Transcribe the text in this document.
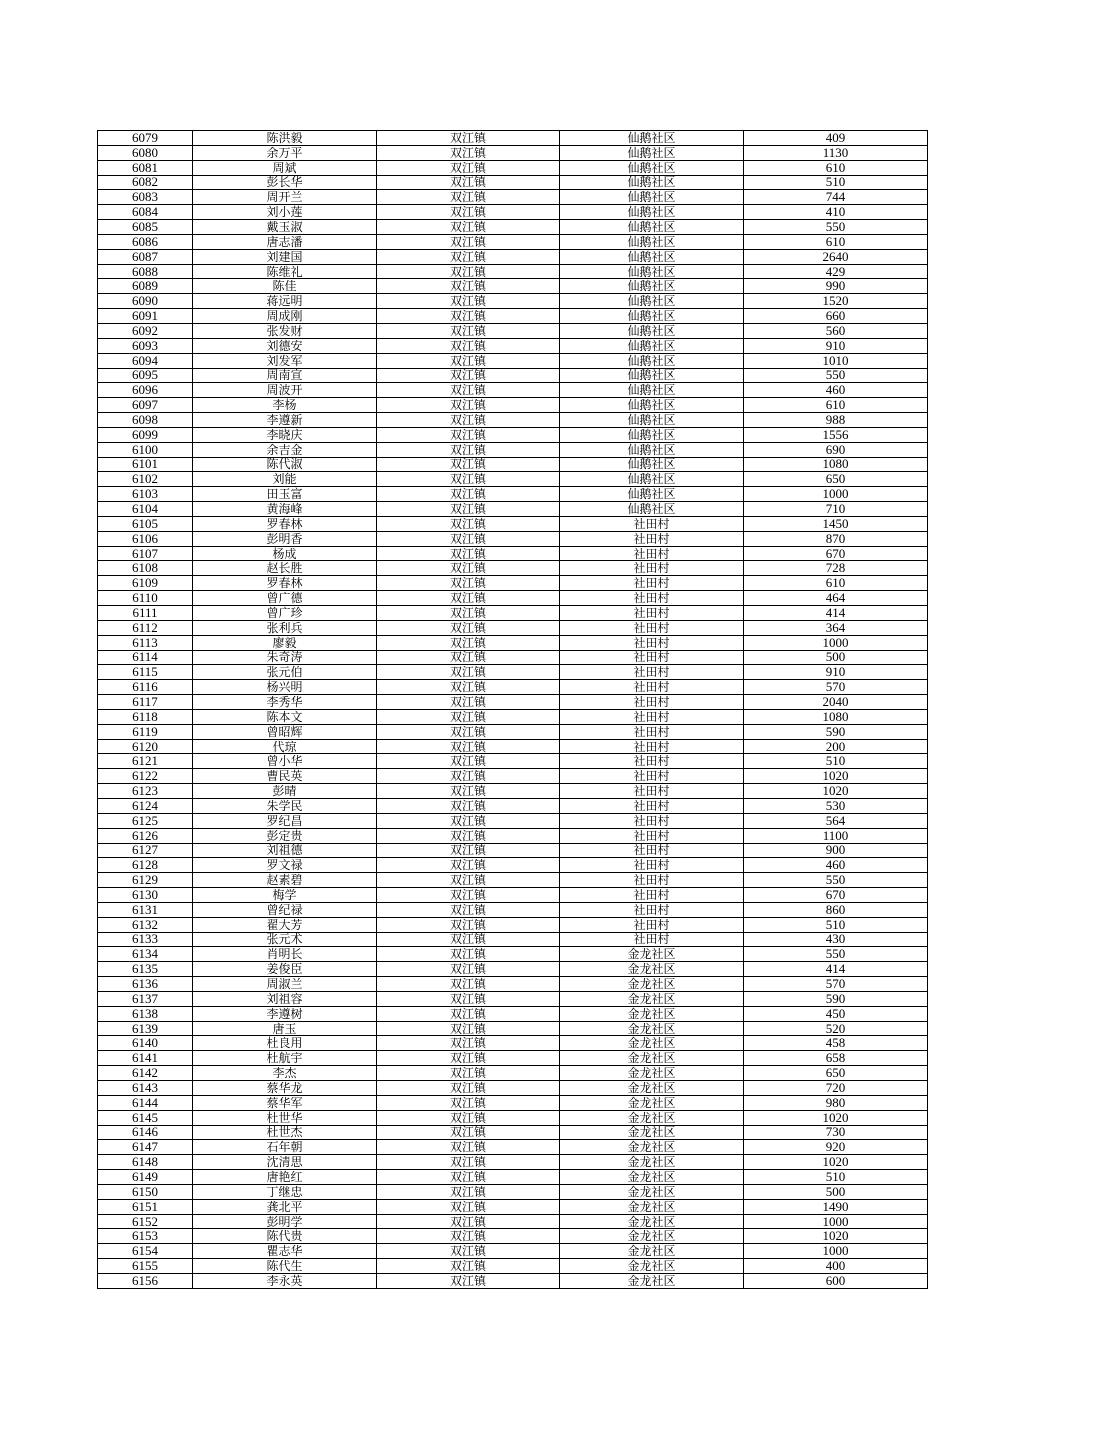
6079	陈洪毅	双江镇	仙鹅社区	409
6080	余万平	双江镇	仙鹅社区	1130
6081	周斌	双江镇	仙鹅社区	610
6082	彭长华	双江镇	仙鹅社区	510
6083	周开兰	双江镇	仙鹅社区	744
6084	刘小莲	双江镇	仙鹅社区	410
6085	戴玉淑	双江镇	仙鹅社区	550
6086	唐志潘	双江镇	仙鹅社区	610
6087	刘建国	双江镇	仙鹅社区	2640
6088	陈维礼	双江镇	仙鹅社区	429
6089	陈佳	双江镇	仙鹅社区	990
6090	蒋远明	双江镇	仙鹅社区	1520
6091	周成刚	双江镇	仙鹅社区	660
6092	张发财	双江镇	仙鹅社区	560
6093	刘德安	双江镇	仙鹅社区	910
6094	刘发军	双江镇	仙鹅社区	1010
6095	周南宣	双江镇	仙鹅社区	550
6096	周波开	双江镇	仙鹅社区	460
6097	李杨	双江镇	仙鹅社区	610
6098	李遵新	双江镇	仙鹅社区	988
6099	李晓庆	双江镇	仙鹅社区	1556
6100	余吉金	双江镇	仙鹅社区	690
6101	陈代淑	双江镇	仙鹅社区	1080
6102	刘能	双江镇	仙鹅社区	650
6103	田玉富	双江镇	仙鹅社区	1000
6104	黄海峰	双江镇	仙鹅社区	710
6105	罗春林	双江镇	社田村	1450
6106	彭明香	双江镇	社田村	870
6107	杨成	双江镇	社田村	670
6108	赵长胜	双江镇	社田村	728
6109	罗春林	双江镇	社田村	610
6110	曾广德	双江镇	社田村	464
6111	曾广珍	双江镇	社田村	414
6112	张利兵	双江镇	社田村	364
6113	廖毅	双江镇	社田村	1000
6114	朱奇涛	双江镇	社田村	500
6115	张元伯	双江镇	社田村	910
6116	杨兴明	双江镇	社田村	570
6117	李秀华	双江镇	社田村	2040
6118	陈本文	双江镇	社田村	1080
6119	曾昭辉	双江镇	社田村	590
6120	代琼	双江镇	社田村	200
6121	曾小华	双江镇	社田村	510
6122	曹民英	双江镇	社田村	1020
6123	彭晴	双江镇	社田村	1020
6124	朱学民	双江镇	社田村	530
6125	罗纪昌	双江镇	社田村	564
6126	彭定贵	双江镇	社田村	1100
6127	刘祖德	双江镇	社田村	900
6128	罗文禄	双江镇	社田村	460
6129	赵素碧	双江镇	社田村	550
6130	梅学	双江镇	社田村	670
6131	曾纪禄	双江镇	社田村	860
6132	翟大芳	双江镇	社田村	510
6133	张元术	双江镇	社田村	430
6134	肖明长	双江镇	金龙社区	550
6135	姜俊臣	双江镇	金龙社区	414
6136	周淑兰	双江镇	金龙社区	570
6137	刘祖容	双江镇	金龙社区	590
6138	李遵树	双江镇	金龙社区	450
6139	唐玉	双江镇	金龙社区	520
6140	杜良用	双江镇	金龙社区	458
6141	杜航宇	双江镇	金龙社区	658
6142	李杰	双江镇	金龙社区	650
6143	蔡华龙	双江镇	金龙社区	720
6144	蔡华军	双江镇	金龙社区	980
6145	杜世华	双江镇	金龙社区	1020
6146	杜世杰	双江镇	金龙社区	730
6147	石年朝	双江镇	金龙社区	920
6148	沈清思	双江镇	金龙社区	1020
6149	唐艳红	双江镇	金龙社区	510
6150	丁继忠	双江镇	金龙社区	500
6151	龚北平	双江镇	金龙社区	1490
6152	彭明学	双江镇	金龙社区	1000
6153	陈代贵	双江镇	金龙社区	1020
6154	瞿志华	双江镇	金龙社区	1000
6155	陈代生	双江镇	金龙社区	400
6156	李永英	双江镇	金龙社区	600
